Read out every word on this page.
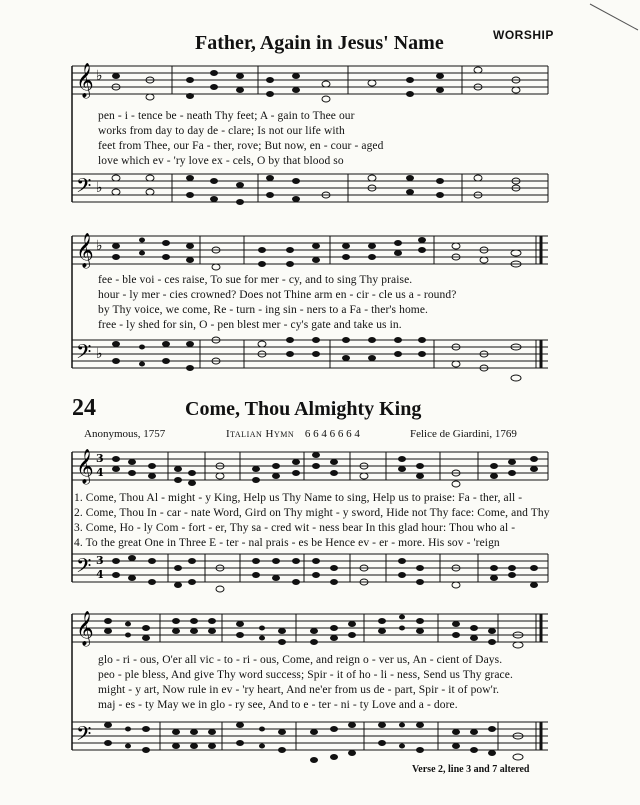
WORSHIP
Father, Again in Jesus' Name
𝄞 ♭
𝄢 ♭
pen - i - tence be - neath Thy feet; A - gain to Thee our
works from day to day de - clare; Is not our life with
feet from Thee, our Fa - ther, rove; But now, en - cour - aged
love which ev - 'ry love ex - cels, O by that blood so
𝄞 ♭
𝄢 ♭
fee - ble voi - ces raise, To sue for mer - cy, and to sing Thy praise.
hour - ly mer - cies crowned? Does not Thine arm en - cir - cle us a - round?
by Thy voice, we come, Re - turn - ing sin - ners to a Fa - ther's home.
free - ly shed for sin, O - pen blest mer - cy's gate and take us in.
24	Come, Thou Almighty King
Anonymous, 1757	Italian Hymn 6 6 4 6 6 6 4	Felice de Giardini, 1769
𝄞 3
4
𝄢 3
4
1. Come, Thou Al - might - y King, Help us Thy Name to sing, Help us to praise: Fa - ther, all -
2. Come, Thou In - car - nate Word, Gird on Thy might - y sword, Hide not Thy face: Come, and Thy
3. Come, Ho - ly Com - fort - er, Thy sa - cred wit - ness bear In this glad hour: Thou who al -
4. To the great One in Three E - ter - nal prais - es be Hence ev - er - more. His sov - 'reign
𝄞
𝄢
glo - ri - ous, O'er all vic - to - ri - ous, Come, and reign o - ver us, An - cient of Days.
peo - ple bless, And give Thy word success; Spir - it of ho - li - ness, Send us Thy grace.
might - y art, Now rule in ev - 'ry heart, And ne'er from us de - part, Spir - it of pow'r.
maj - es - ty May we in glo - ry see, And to e - ter - ni - ty Love and a - dore.
Verse 2, line 3 and 7 altered
